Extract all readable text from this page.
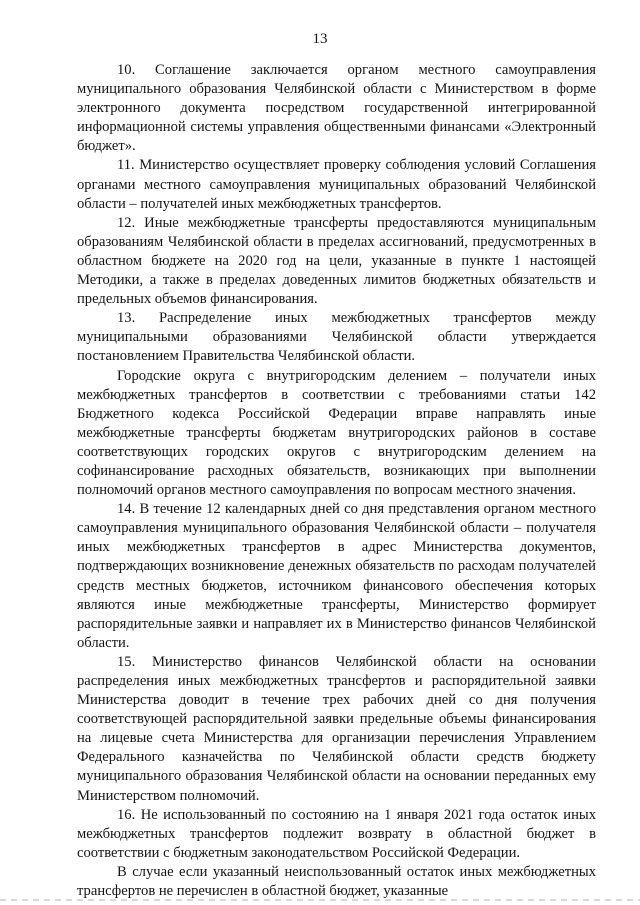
13

10. Соглашение заключается органом местного самоуправления муниципального образования Челябинской области с Министерством в форме электронного документа посредством государственной интегрированной информационной системы управления общественными финансами «Электронный бюджет».

11. Министерство осуществляет проверку соблюдения условий Соглашения органами местного самоуправления муниципальных образований Челябинской области – получателей иных межбюджетных трансфертов.

12. Иные межбюджетные трансферты предоставляются муниципальным образованиям Челябинской области в пределах ассигнований, предусмотренных в областном бюджете на 2020 год на цели, указанные в пункте 1 настоящей Методики, а также в пределах доведенных лимитов бюджетных обязательств и предельных объемов финансирования.

13. Распределение иных межбюджетных трансфертов между муниципальными образованиями Челябинской области утверждается постановлением Правительства Челябинской области.

Городские округа с внутригородским делением – получатели иных межбюджетных трансфертов в соответствии с требованиями статьи 142 Бюджетного кодекса Российской Федерации вправе направлять иные межбюджетные трансферты бюджетам внутригородских районов в составе соответствующих городских округов с внутригородским делением на софинансирование расходных обязательств, возникающих при выполнении полномочий органов местного самоуправления по вопросам местного значения.

14. В течение 12 календарных дней со дня представления органом местного самоуправления муниципального образования Челябинской области – получателя иных межбюджетных трансфертов в адрес Министерства документов, подтверждающих возникновение денежных обязательств по расходам получателей средств местных бюджетов, источником финансового обеспечения которых являются иные межбюджетные трансферты, Министерство формирует распорядительные заявки и направляет их в Министерство финансов Челябинской области.

15. Министерство финансов Челябинской области на основании распределения иных межбюджетных трансфертов и распорядительной заявки Министерства доводит в течение трех рабочих дней со дня получения соответствующей распорядительной заявки предельные объемы финансирования на лицевые счета Министерства для организации перечисления Управлением Федерального казначейства по Челябинской области средств бюджету муниципального образования Челябинской области на основании переданных ему Министерством полномочий.

16. Не использованный по состоянию на 1 января 2021 года остаток иных межбюджетных трансфертов подлежит возврату в областной бюджет в соответствии с бюджетным законодательством Российской Федерации.

В случае если указанный неиспользованный остаток иных межбюджетных трансфертов не перечислен в областной бюджет, указанные
